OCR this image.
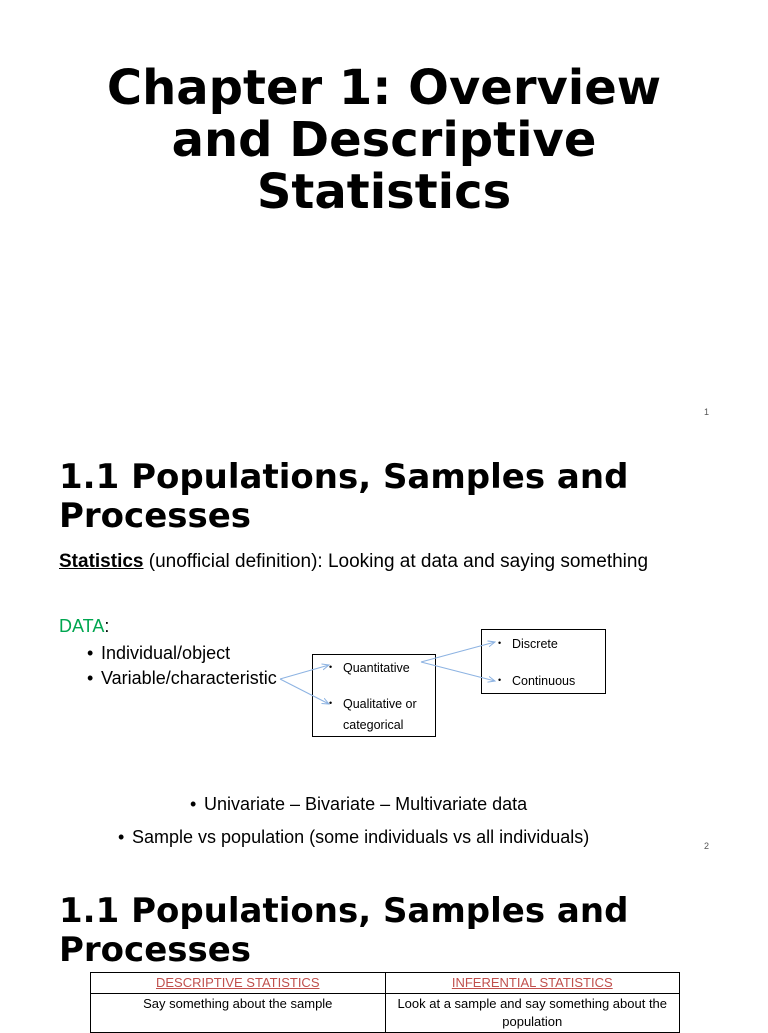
Chapter 1: Overview
and Descriptive
Statistics
1
1.1 Populations, Samples and
Processes
Statistics (unofficial definition): Looking at data and saying something
DATA:
• Individual/object
• Variable/characteristic
• Quantitative
• Qualitative or
categorical
• Discrete
• Continuous
• Univariate – Bivariate – Multivariate data
• Sample vs population (some individuals vs all individuals)	2
1.1 Populations, Samples and
Processes
DESCRIPTIVE STATISTICS	INFERENTIAL STATISTICS
Say something about the sample	Look at a sample and say something about the population
